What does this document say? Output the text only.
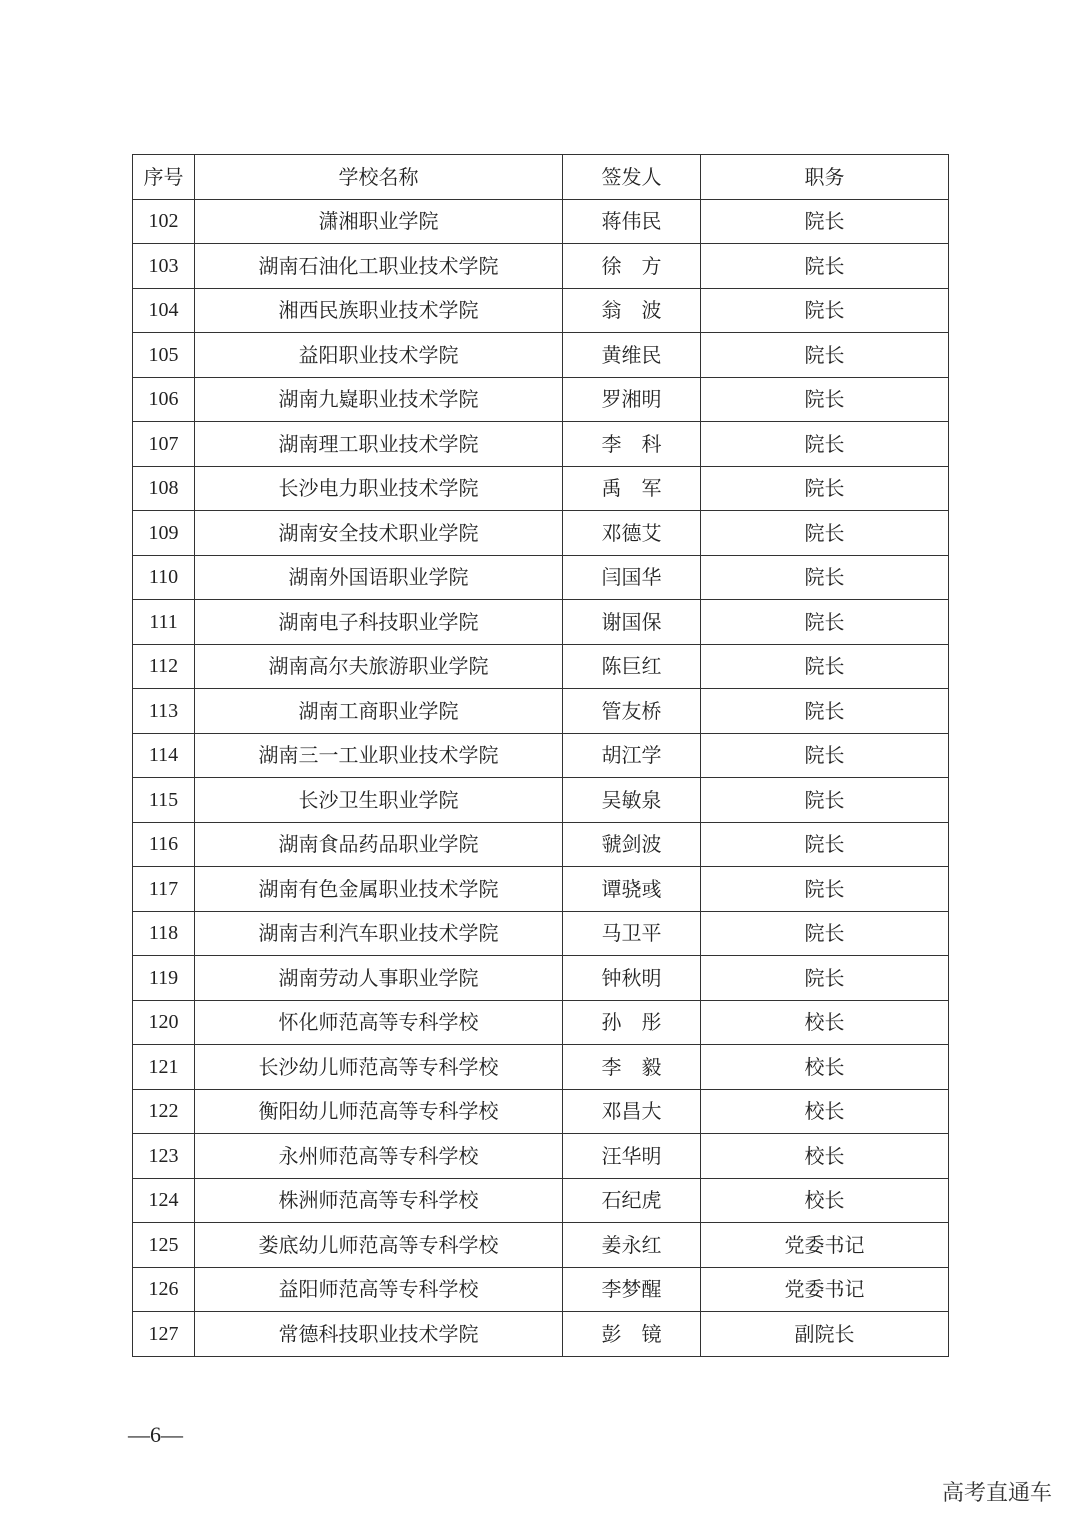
序号	学校名称	签发人	职务
102	潇湘职业学院	蒋伟民	院长
103	湖南石油化工职业技术学院	徐　方	院长
104	湘西民族职业技术学院	翁　波	院长
105	益阳职业技术学院	黄维民	院长
106	湖南九嶷职业技术学院	罗湘明	院长
107	湖南理工职业技术学院	李　科	院长
108	长沙电力职业技术学院	禹　军	院长
109	湖南安全技术职业学院	邓德艾	院长
110	湖南外国语职业学院	闫国华	院长
111	湖南电子科技职业学院	谢国保	院长
112	湖南高尔夫旅游职业学院	陈巨红	院长
113	湖南工商职业学院	管友桥	院长
114	湖南三一工业职业技术学院	胡江学	院长
115	长沙卫生职业学院	吴敏泉	院长
116	湖南食品药品职业学院	虢剑波	院长
117	湖南有色金属职业技术学院	谭骁彧	院长
118	湖南吉利汽车职业技术学院	马卫平	院长
119	湖南劳动人事职业学院	钟秋明	院长
120	怀化师范高等专科学校	孙　彤	校长
121	长沙幼儿师范高等专科学校	李　毅	校长
122	衡阳幼儿师范高等专科学校	邓昌大	校长
123	永州师范高等专科学校	汪华明	校长
124	株洲师范高等专科学校	石纪虎	校长
125	娄底幼儿师范高等专科学校	姜永红	党委书记
126	益阳师范高等专科学校	李梦醒	党委书记
127	常德科技职业技术学院	彭　镜	副院长
—6—
高考直通车
